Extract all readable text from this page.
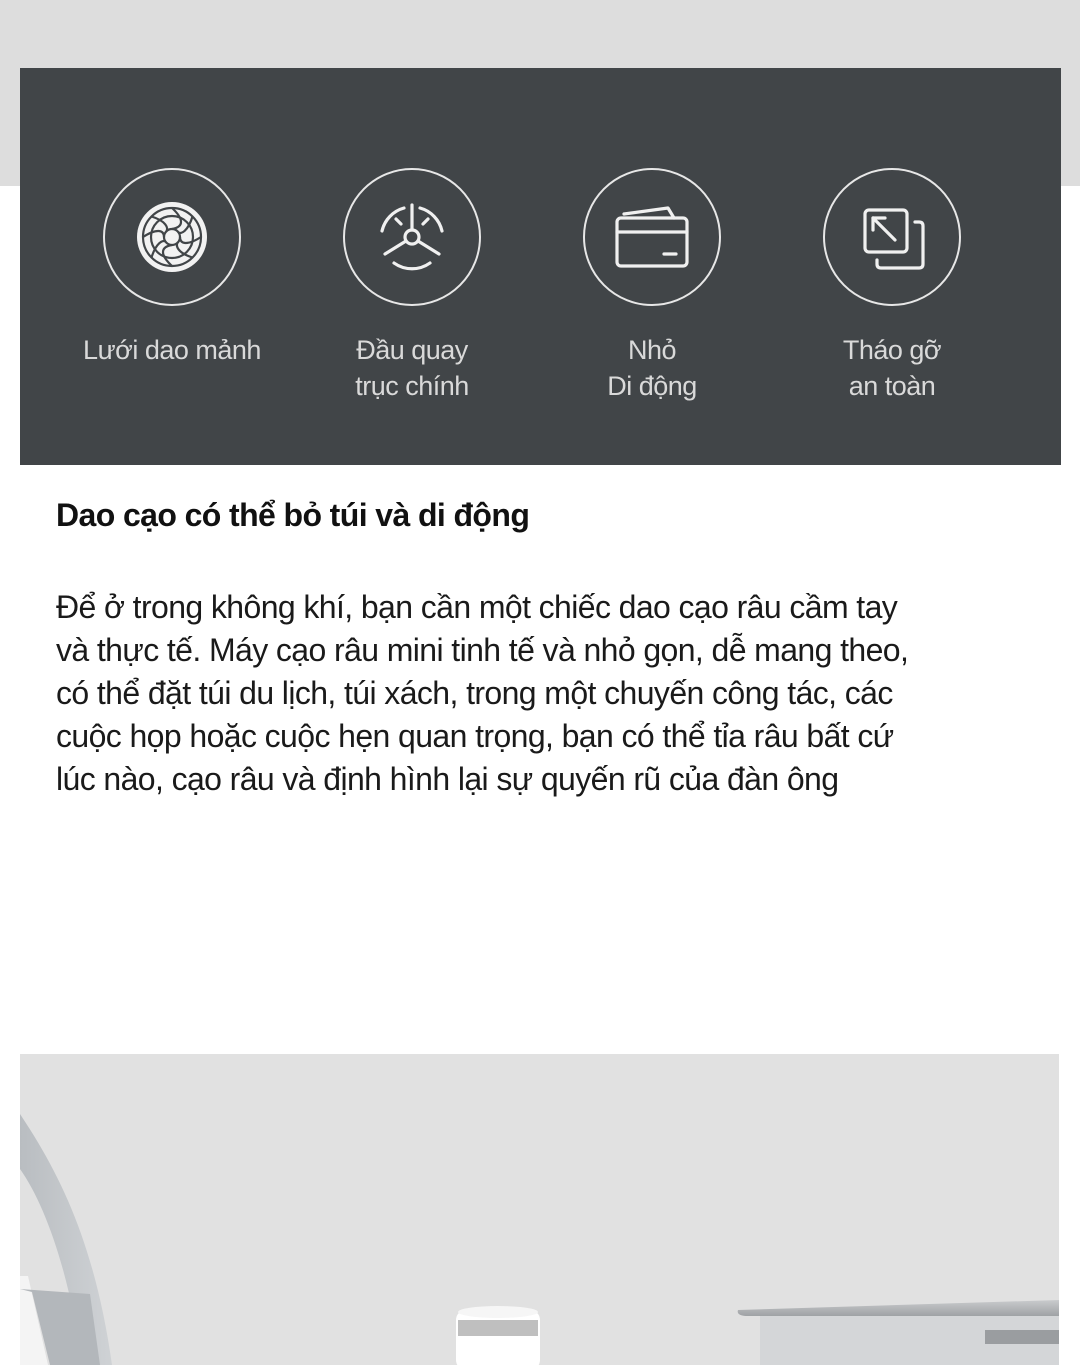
Lưới dao mảnh	Đầu quay
trục chính
Nhỏ
Di động
Tháo gỡ
an toàn
Dao cạo có thể bỏ túi và di động

Để ở trong không khí, bạn cần một chiếc dao cạo râu cầm tay
và thực tế. Máy cạo râu mini tinh tế và nhỏ gọn, dễ mang theo,
có thể đặt túi du lịch, túi xách, trong một chuyến công tác, các
cuộc họp hoặc cuộc hẹn quan trọng, bạn có thể tỉa râu bất cứ
lúc nào, cạo râu và định hình lại sự quyến rũ của đàn ông
